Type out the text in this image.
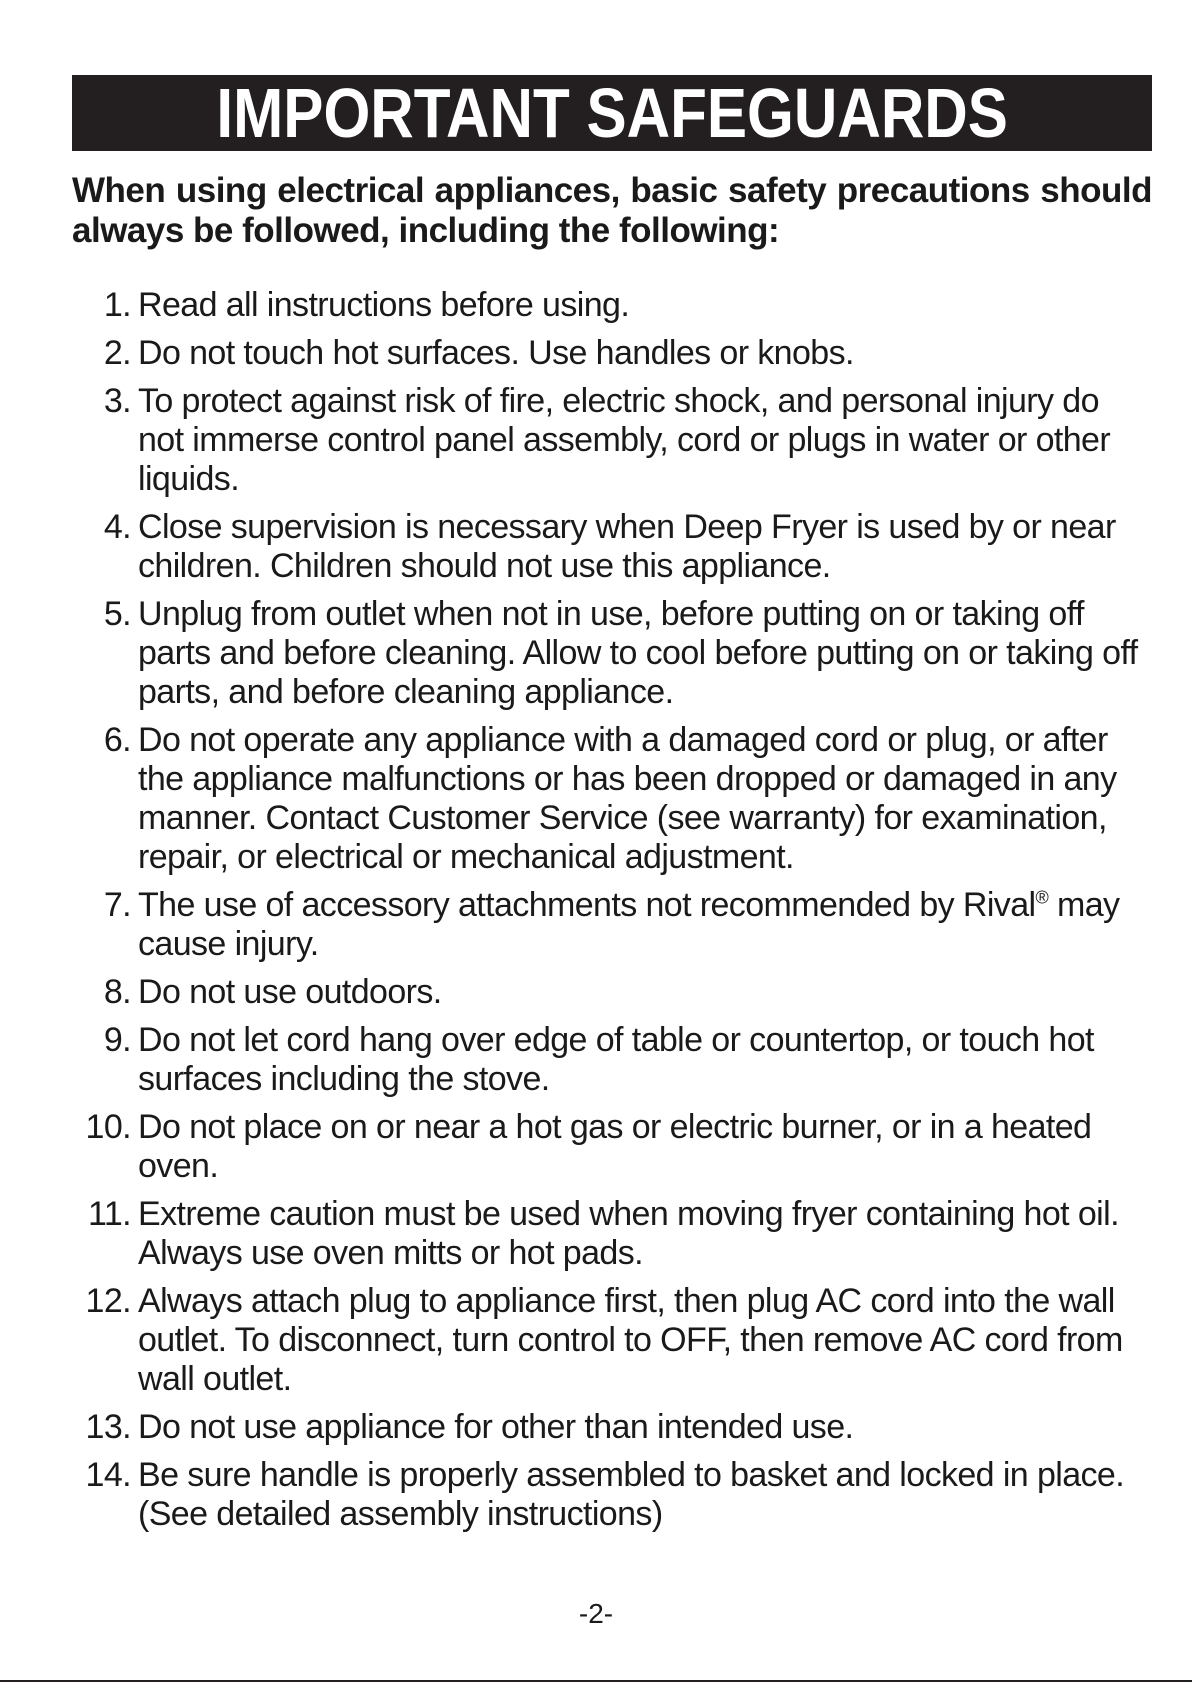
IMPORTANT SAFEGUARDS

When using electrical appliances, basic safety precautions should always be followed, including the following:

1. Read all instructions before using.
2. Do not touch hot surfaces. Use handles or knobs.
3. To protect against risk of fire, electric shock, and personal injury do not immerse control panel assembly, cord or plugs in water or other liquids.
4. Close supervision is necessary when Deep Fryer is used by or near children. Children should not use this appliance.
5. Unplug from outlet when not in use, before putting on or taking off parts and before cleaning. Allow to cool before putting on or taking off parts, and before cleaning appliance.
6. Do not operate any appliance with a damaged cord or plug, or after the appliance malfunctions or has been dropped or damaged in any manner. Contact Customer Service (see warranty) for examination, repair, or electrical or mechanical adjustment.
7. The use of accessory attachments not recommended by Rival® may cause injury.
8. Do not use outdoors.
9. Do not let cord hang over edge of table or countertop, or touch hot surfaces including the stove.
10. Do not place on or near a hot gas or electric burner, or in a heated oven.
11. Extreme caution must be used when moving fryer containing hot oil. Always use oven mitts or hot pads.
12. Always attach plug to appliance first, then plug AC cord into the wall outlet. To disconnect, turn control to OFF, then remove AC cord from wall outlet.
13. Do not use appliance for other than intended use.
14. Be sure handle is properly assembled to basket and locked in place. (See detailed assembly instructions)
-2-
